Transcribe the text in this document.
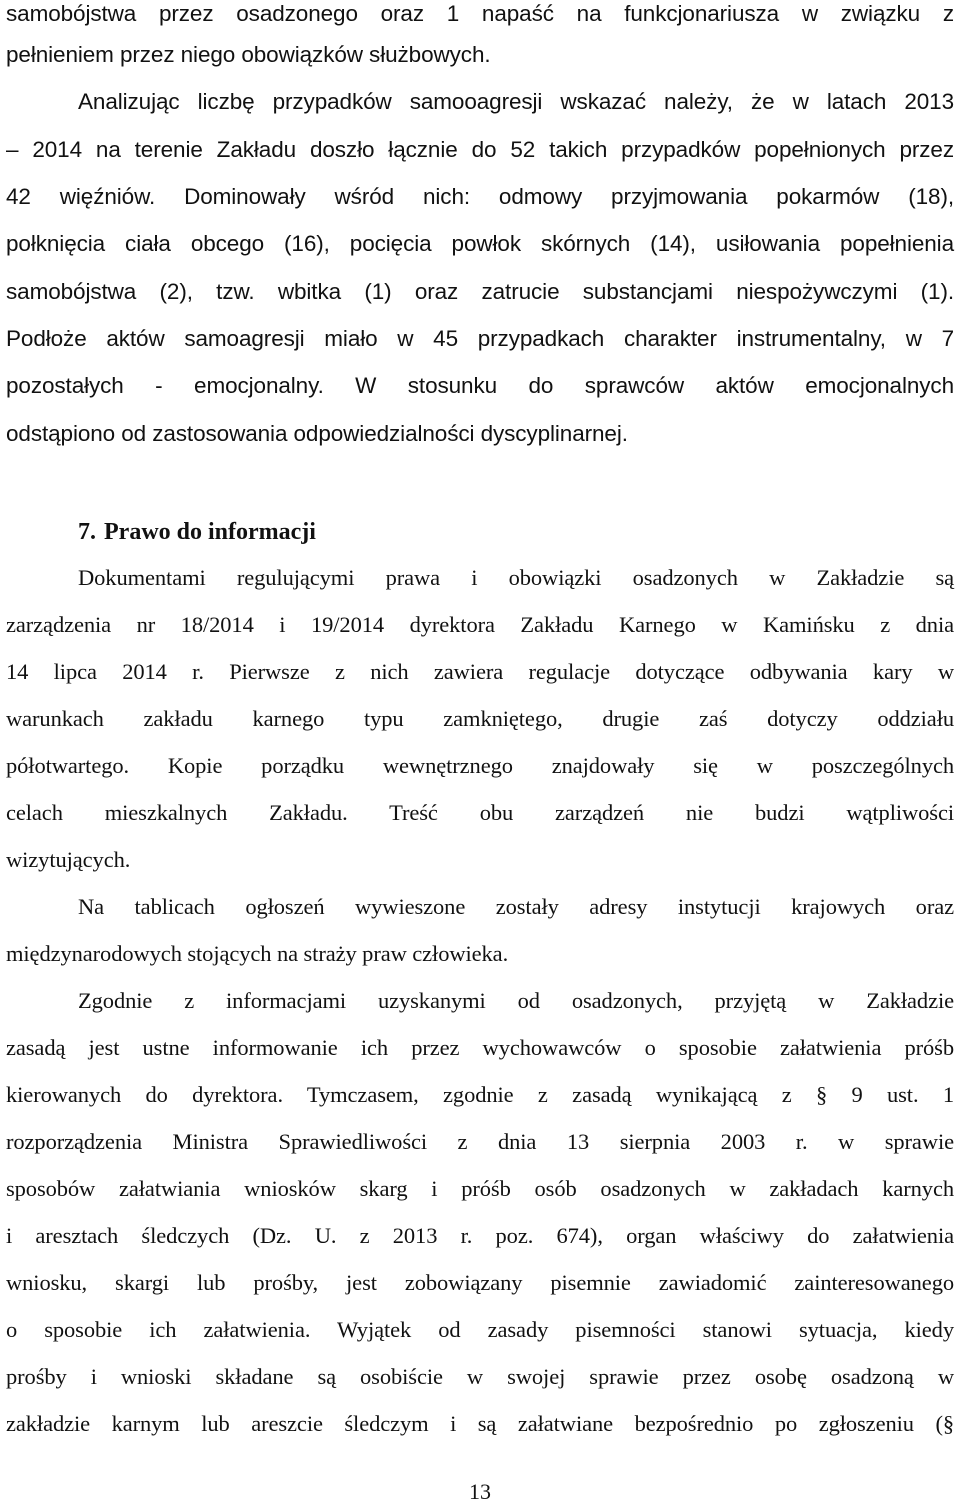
samobójstwa przez osadzonego oraz 1 napaść na funkcjonariusza w związku z
pełnieniem przez niego obowiązków służbowych.
Analizując liczbę przypadków samooagresji wskazać należy, że w latach 2013
– 2014 na terenie Zakładu doszło łącznie do 52 takich przypadków popełnionych przez
42 więźniów. Dominowały wśród nich: odmowy przyjmowania pokarmów (18),
połknięcia ciała obcego (16), pocięcia powłok skórnych (14), usiłowania popełnienia
samobójstwa (2), tzw. wbitka (1) oraz zatrucie substancjami niespożywczymi (1).
Podłoże aktów samoagresji miało w 45 przypadkach charakter instrumentalny, w 7
pozostałych - emocjonalny. W stosunku do sprawców aktów emocjonalnych
odstąpiono od zastosowania odpowiedzialności dyscyplinarnej.
7. Prawo do informacji
Dokumentami regulującymi prawa i obowiązki osadzonych w Zakładzie są
zarządzenia nr 18/2014 i 19/2014 dyrektora Zakładu Karnego w Kamińsku z dnia
14 lipca 2014 r. Pierwsze z nich zawiera regulacje dotyczące odbywania kary w
warunkach zakładu karnego typu zamkniętego, drugie zaś dotyczy oddziału
półotwartego. Kopie porządku wewnętrznego znajdowały się w poszczególnych
celach mieszkalnych Zakładu. Treść obu zarządzeń nie budzi wątpliwości
wizytujących.
Na tablicach ogłoszeń wywieszone zostały adresy instytucji krajowych oraz
międzynarodowych stojących na straży praw człowieka.
Zgodnie z informacjami uzyskanymi od osadzonych, przyjętą w Zakładzie
zasadą jest ustne informowanie ich przez wychowawców o sposobie załatwienia próśb
kierowanych do dyrektora. Tymczasem, zgodnie z zasadą wynikającą z § 9 ust. 1
rozporządzenia Ministra Sprawiedliwości z dnia 13 sierpnia 2003 r. w sprawie
sposobów załatwiania wniosków skarg i próśb osób osadzonych w zakładach karnych
i aresztach śledczych (Dz. U. z 2013 r. poz. 674), organ właściwy do załatwienia
wniosku, skargi lub prośby, jest zobowiązany pisemnie zawiadomić zainteresowanego
o sposobie ich załatwienia. Wyjątek od zasady pisemności stanowi sytuacja, kiedy
prośby i wnioski składane są osobiście w swojej sprawie przez osobę osadzoną w
zakładzie karnym lub areszcie śledczym i są załatwiane bezpośrednio po zgłoszeniu (§
13
